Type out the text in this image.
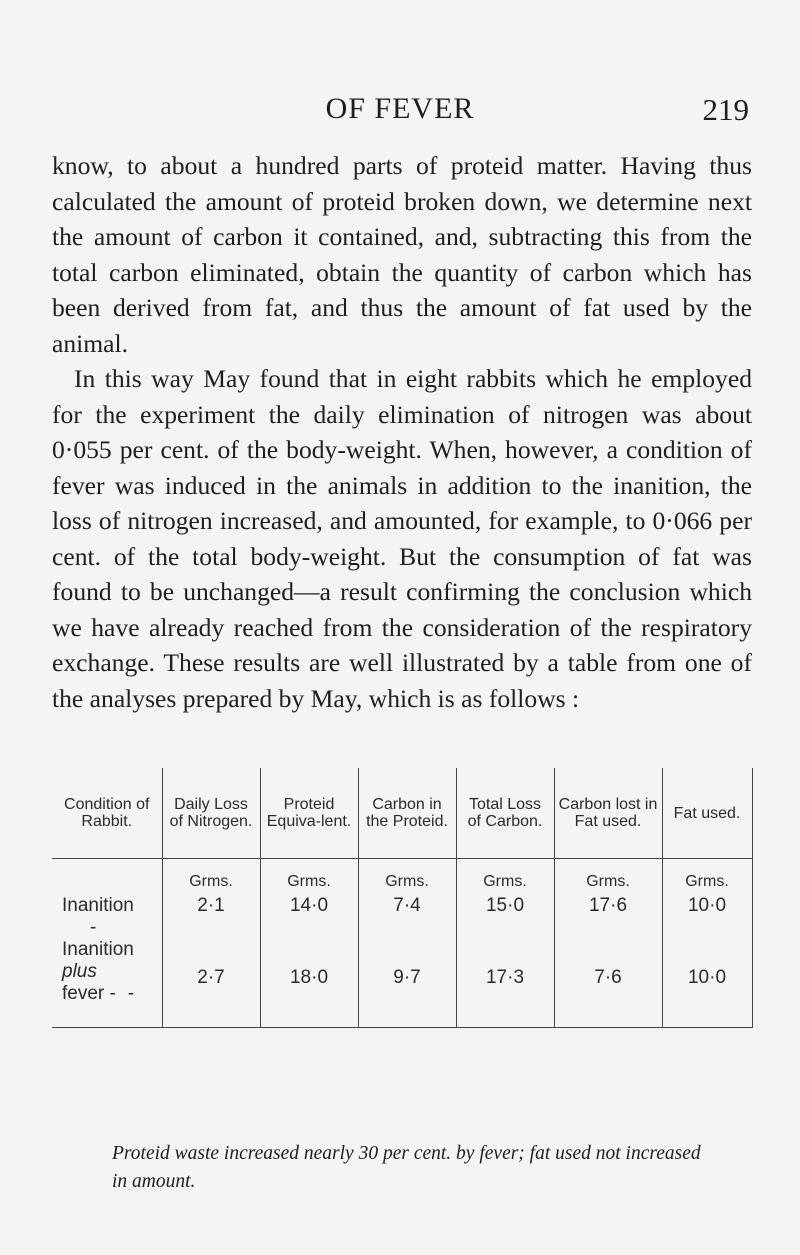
OF FEVER	219

know, to about a hundred parts of proteid matter. Having thus calculated the amount of proteid broken down, we determine next the amount of carbon it contained, and, subtracting this from the total carbon eliminated, obtain the quantity of carbon which has been derived from fat, and thus the amount of fat used by the animal.

In this way May found that in eight rabbits which he employed for the experiment the daily elimination of nitrogen was about 0·055 per cent. of the body-weight. When, however, a condition of fever was induced in the animals in addition to the inanition, the loss of nitrogen increased, and amounted, for example, to 0·066 per cent. of the total body-weight. But the consumption of fat was found to be unchanged—a result confirming the conclusion which we have already reached from the consideration of the respiratory exchange. These results are well illustrated by a table from one of the analyses prepared by May, which is as follows :

Condition of Rabbit.	Daily Loss of Nitrogen.	Proteid Equiva-lent.	Carbon in the Proteid.	Total Loss of Carbon.	Carbon lost in Fat used.	Fat used.
	Grms.	Grms.	Grms.	Grms.	Grms.	Grms.
Inanition-	2·1	14·0	7·4	15·0	17·6	10·0
Inanition plus
fever - -	2·7	18·0	9·7	17·3	7·6	10·0
Proteid waste increased nearly 30 per cent. by fever; fat used not increased in amount.
